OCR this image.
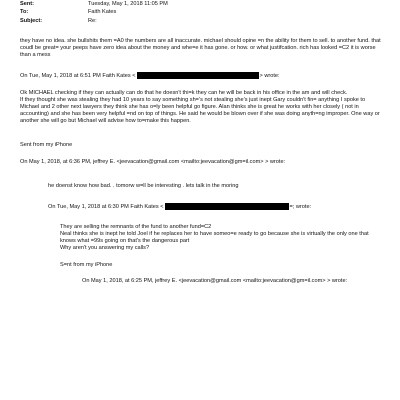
Sent:	Tuesday, May 1, 2018 11:05 PM
To:	Faith Kates
Subject:	Re:

they have no idea. she bullshits them =A0 the numbers are all inaccurate. michael should opine =n the ability for them to sell. to another fund. that coudl be great= your peeps have zero idea about the money and whe=e it has gone. or how. or what justifcation. rich has looked =C2 it is worse than a mess

On Tue, May 1, 2018 at 6:51 PM Faith Kates <	> wrote:

Ok MICHAEL checking if they can actually can do that he doesn't thi=k they can he will be back in his office in the am and will check.

If they thought she was stealing they had 10 years to say something sh=’s not stealing she’s just inept Gary couldn't fin= anything I spoke to Michael and 2 other next lawyers they think she has o=ly been helpful go figure. Alan thinks she is great he works with her closely ( not in accounting) and she has been very helpful =nd on top of things. He said he would be blown over if she was doing anyth=ng improper. One way or another she will go but Michael will advise how to=make this happen.

Sent from my iPhone

On May 1, 2018, at 6:36 PM, jeffrey E. <jeevacation@gmail.com <mailto:jeevacation@gm=il.com> > wrote:

he doenst know how bad. . tomorw w=ll be interesting . lets talk in the moring

On Tue, May 1, 2018 at 6:30 PM Faith Kates <	=; wrote:

They are selling the remnants of the fund to another fund=C2

Neal thinks she is inept he told Joel if he replaces her to have someo=e ready to go because she is virtually the only one that knows what =99s going on that's the dangerous part

Why aren't you answering my calls?

S=nt from my iPhone

On May 1, 2018, at 6:25 PM, jeffrey E. <jeevacation@gmail.com <mailto:jeevacation@gm=il.com> > wrote:
